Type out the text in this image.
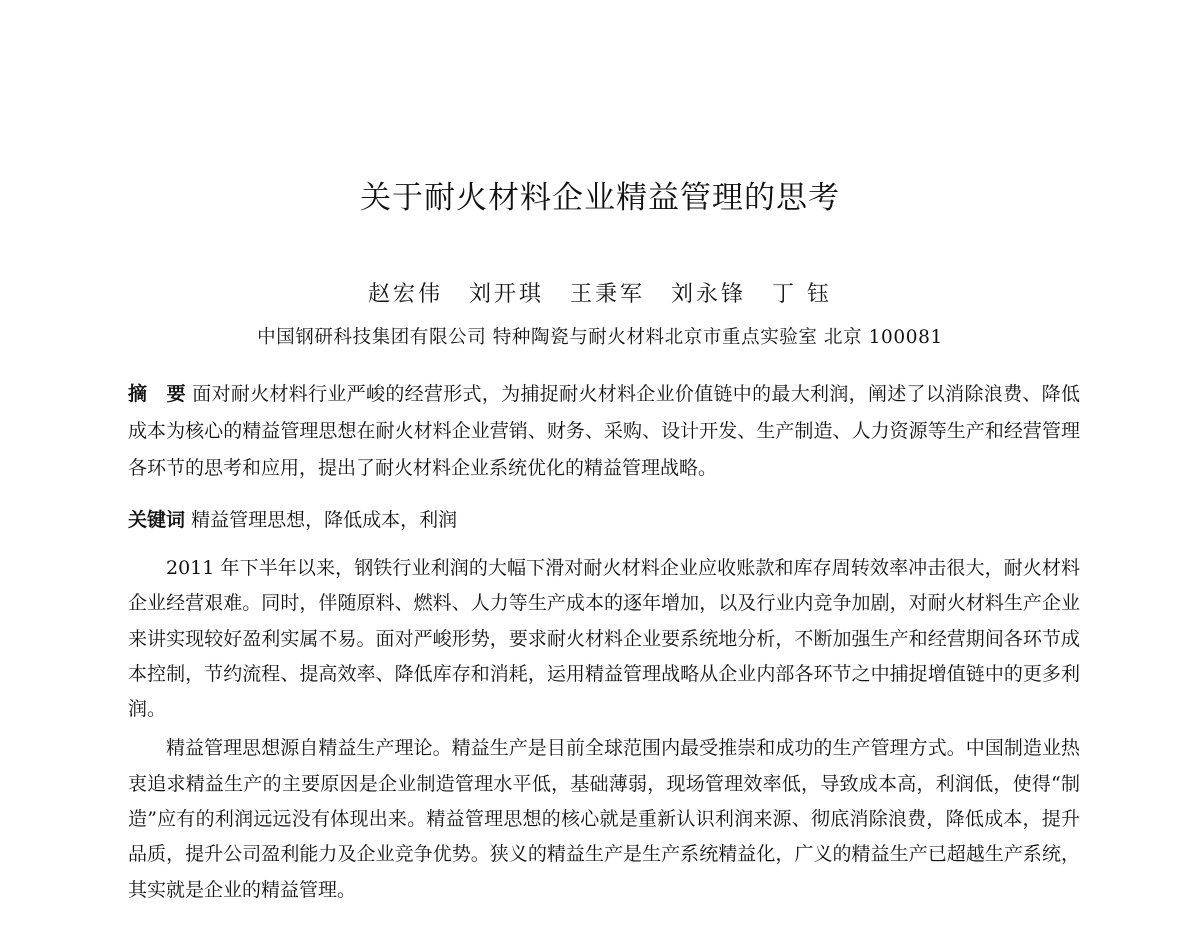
关于耐火材料企业精益管理的思考
赵宏伟 刘开琪 王秉军 刘永锋 丁 钰
中国钢研科技集团有限公司 特种陶瓷与耐火材料北京市重点实验室 北京 100081

摘　要 面对耐火材料行业严峻的经营形式，为捕捉耐火材料企业价值链中的最大利润，阐述了以消除浪费、降低成本为核心的精益管理思想在耐火材料企业营销、财务、采购、设计开发、生产制造、人力资源等生产和经营管理各环节的思考和应用，提出了耐火材料企业系统优化的精益管理战略。

关键词 精益管理思想，降低成本，利润

2011 年下半年以来，钢铁行业利润的大幅下滑对耐火材料企业应收账款和库存周转效率冲击很大，耐火材料企业经营艰难。同时，伴随原料、燃料、人力等生产成本的逐年增加，以及行业内竞争加剧，对耐火材料生产企业来讲实现较好盈利实属不易。面对严峻形势，要求耐火材料企业要系统地分析，不断加强生产和经营期间各环节成本控制，节约流程、提高效率、降低库存和消耗，运用精益管理战略从企业内部各环节之中捕捉增值链中的更多利润。

精益管理思想源自精益生产理论。精益生产是目前全球范围内最受推崇和成功的生产管理方式。中国制造业热衷追求精益生产的主要原因是企业制造管理水平低，基础薄弱，现场管理效率低，导致成本高，利润低，使得“制造”应有的利润远远没有体现出来。精益管理思想的核心就是重新认识利润来源、彻底消除浪费，降低成本，提升品质，提升公司盈利能力及企业竞争优势。狭义的精益生产是生产系统精益化，广义的精益生产已超越生产系统，其实就是企业的精益管理。
